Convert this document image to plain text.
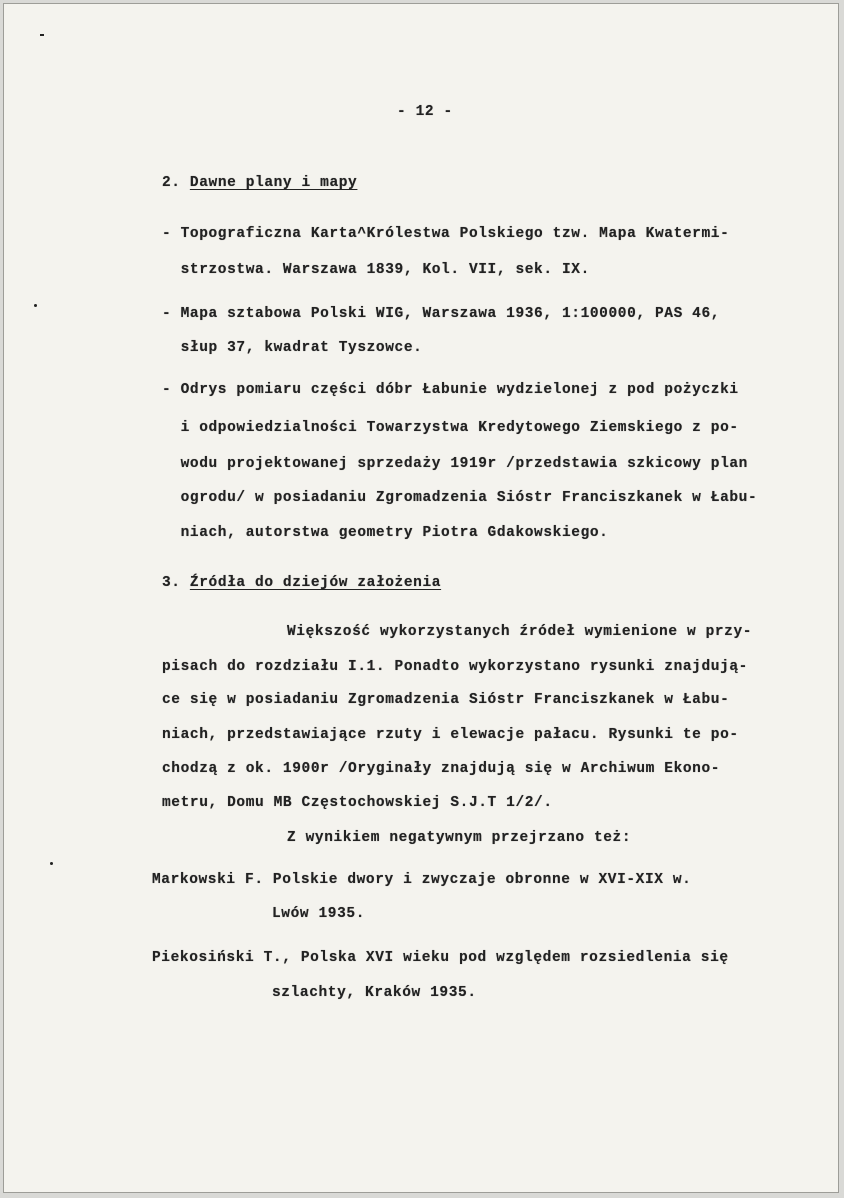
- 12 -
2. Dawne plany i mapy
- Topograficzna Karta^Królestwa Polskiego tzw. Mapa Kwatermi-
strzostwa. Warszawa 1839, Kol. VII, sek. IX.
- Mapa sztabowa Polski WIG, Warszawa 1936, 1:100000, PAS 46,
słup 37, kwadrat Tyszowce.
- Odrys pomiaru części dóbr Łabunie wydzielonej z pod pożyczki
i odpowiedzialności Towarzystwa Kredytowego Ziemskiego z po-
wodu projektowanej sprzedaży 1919r /przedstawia szkicowy plan
ogrodu/ w posiadaniu Zgromadzenia Sióstr Franciszkanek w Łabu-
niach, autorstwa geometry Piotra Gdakowskiego.
3. Źródła do dziejów założenia
Większość wykorzystanych źródeł wymienione w przy-
pisach do rozdziału I.1. Ponadto wykorzystano rysunki znajdują-
ce się w posiadaniu Zgromadzenia Sióstr Franciszkanek w Łabu-
niach, przedstawiające rzuty i elewacje pałacu. Rysunki te po-
chodzą z ok. 1900r /Oryginały znajdują się w Archiwum Ekono-
metru, Domu MB Częstochowskiej S.J.T 1/2/.
Z wynikiem negatywnym przejrzano też:
Markowski F. Polskie dwory i zwyczaje obronne w XVI-XIX w.
Lwów 1935.
Piekosiński T., Polska XVI wieku pod względem rozsiedlenia się
szlachty, Kraków 1935.
